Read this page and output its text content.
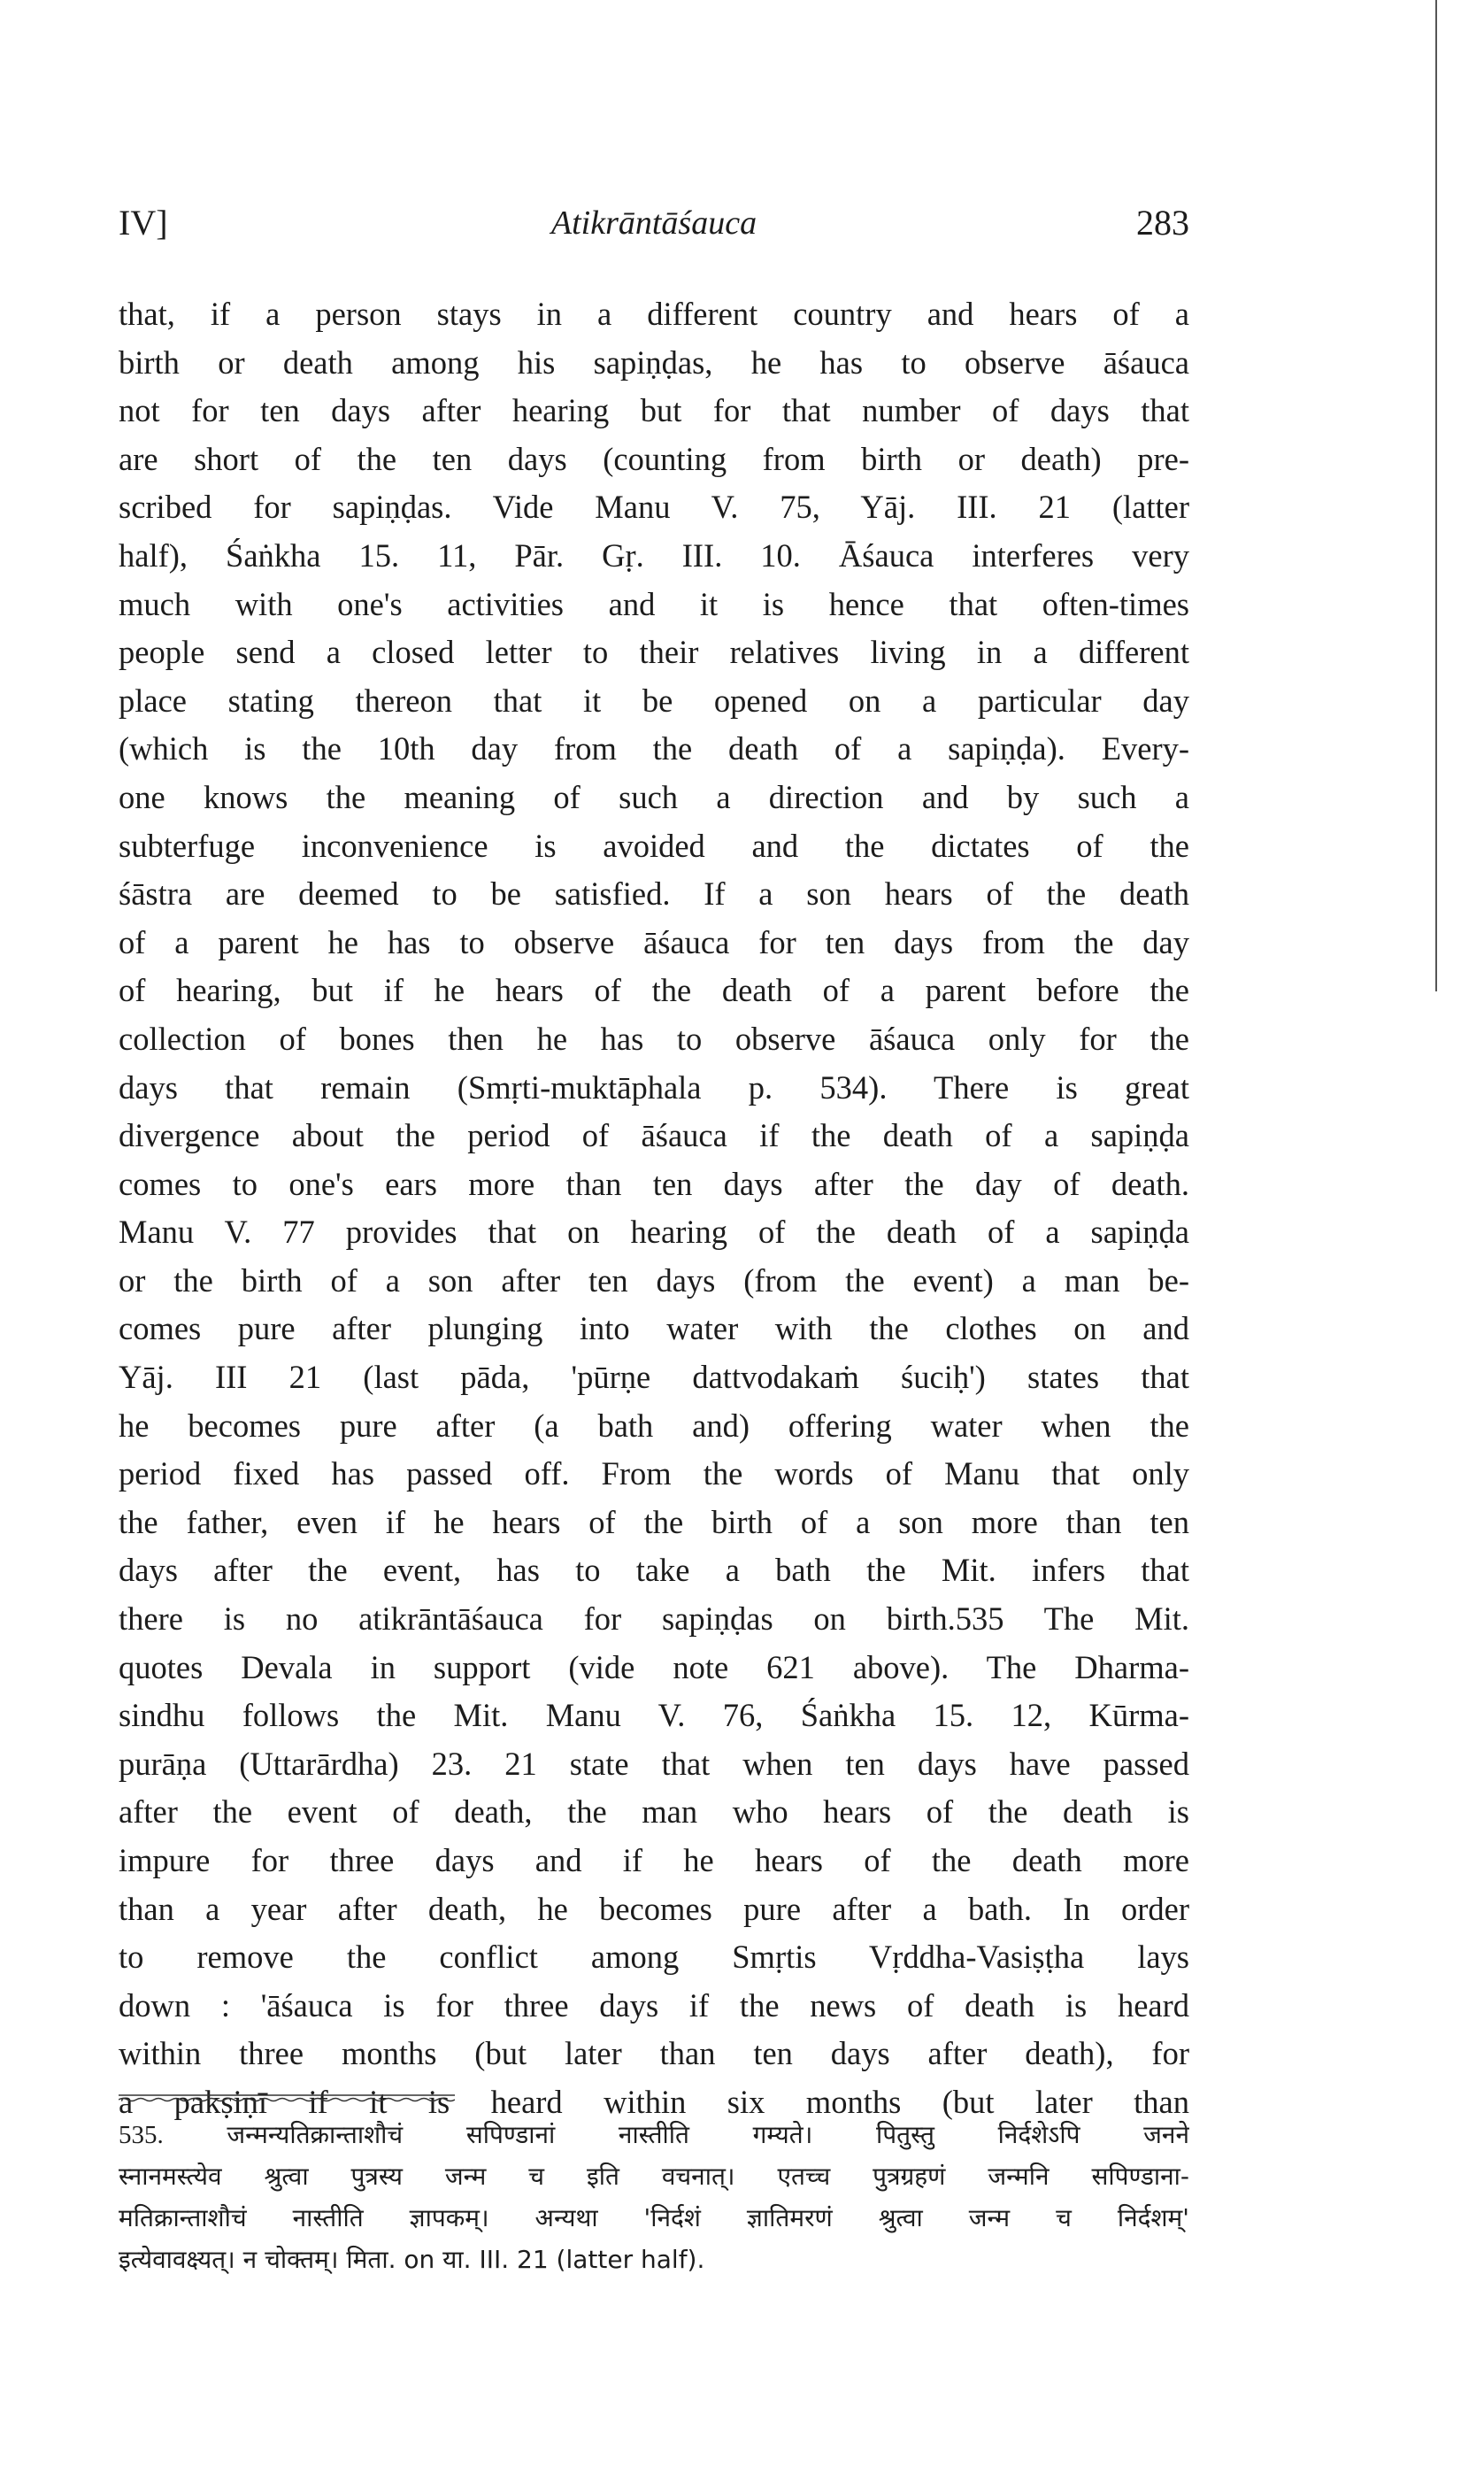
IV]	Atikrāntāśauca	283
that, if a person stays in a different country and hears of a
birth or death among his sapiṇḍas, he has to observe āśauca
not for ten days after hearing but for that number of days that
are short of the ten days (counting from birth or death) pre-
scribed for sapiṇḍas. Vide Manu V. 75, Yāj. III. 21 (latter
half), Śaṅkha 15. 11, Pār. Gṛ. III. 10. Āśauca interferes very
much with one's activities and it is hence that often-times
people send a closed letter to their relatives living in a different
place stating thereon that it be opened on a particular day
(which is the 10th day from the death of a sapiṇḍa). Every-
one knows the meaning of such a direction and by such a
subterfuge inconvenience is avoided and the dictates of the
śāstra are deemed to be satisfied. If a son hears of the death
of a parent he has to observe āśauca for ten days from the day
of hearing, but if he hears of the death of a parent before the
collection of bones then he has to observe āśauca only for the
days that remain (Smṛti-muktāphala p. 534). There is great
divergence about the period of āśauca if the death of a sapiṇḍa
comes to one's ears more than ten days after the day of death.
Manu V. 77 provides that on hearing of the death of a sapiṇḍa
or the birth of a son after ten days (from the event) a man be-
comes pure after plunging into water with the clothes on and
Yāj. III 21 (last pāda, 'pūrṇe dattvodakaṁ śuciḥ') states that
he becomes pure after (a bath and) offering water when the
period fixed has passed off. From the words of Manu that only
the father, even if he hears of the birth of a son more than ten
days after the event, has to take a bath the Mit. infers that
there is no atikrāntāśauca for sapiṇḍas on birth.535 The Mit.
quotes Devala in support (vide note 621 above). The Dharma-
sindhu follows the Mit. Manu V. 76, Śaṅkha 15. 12, Kūrma-
purāṇa (Uttarārdha) 23. 21 state that when ten days have passed
after the event of death, the man who hears of the death is
impure for three days and if he hears of the death more
than a year after death, he becomes pure after a bath. In order
to remove the conflict among Smṛtis Vṛddha-Vasiṣṭha lays
down : 'āśauca is for three days if the news of death is heard
within three months (but later than ten days after death), for
a pakṣiṇī if it is heard within six months (but later than
535.	जन्मन्यतिक्रान्ताशौचं सपिण्डानां नास्तीति गम्यते। पितुस्तु निर्दशेऽपि जनने
स्नानमस्त्येव श्रुत्वा पुत्रस्य जन्म च इति वचनात्। एतच्च पुत्रग्रहणं जन्मनि सपिण्डाना-
मतिक्रान्ताशौचं नास्तीति ज्ञापकम्। अन्यथा 'निर्दशं ज्ञातिमरणं श्रुत्वा जन्म च निर्दशम्'
इत्येवावक्ष्यत्। न चोक्तम्। मिता. on या. III. 21 (latter half).
